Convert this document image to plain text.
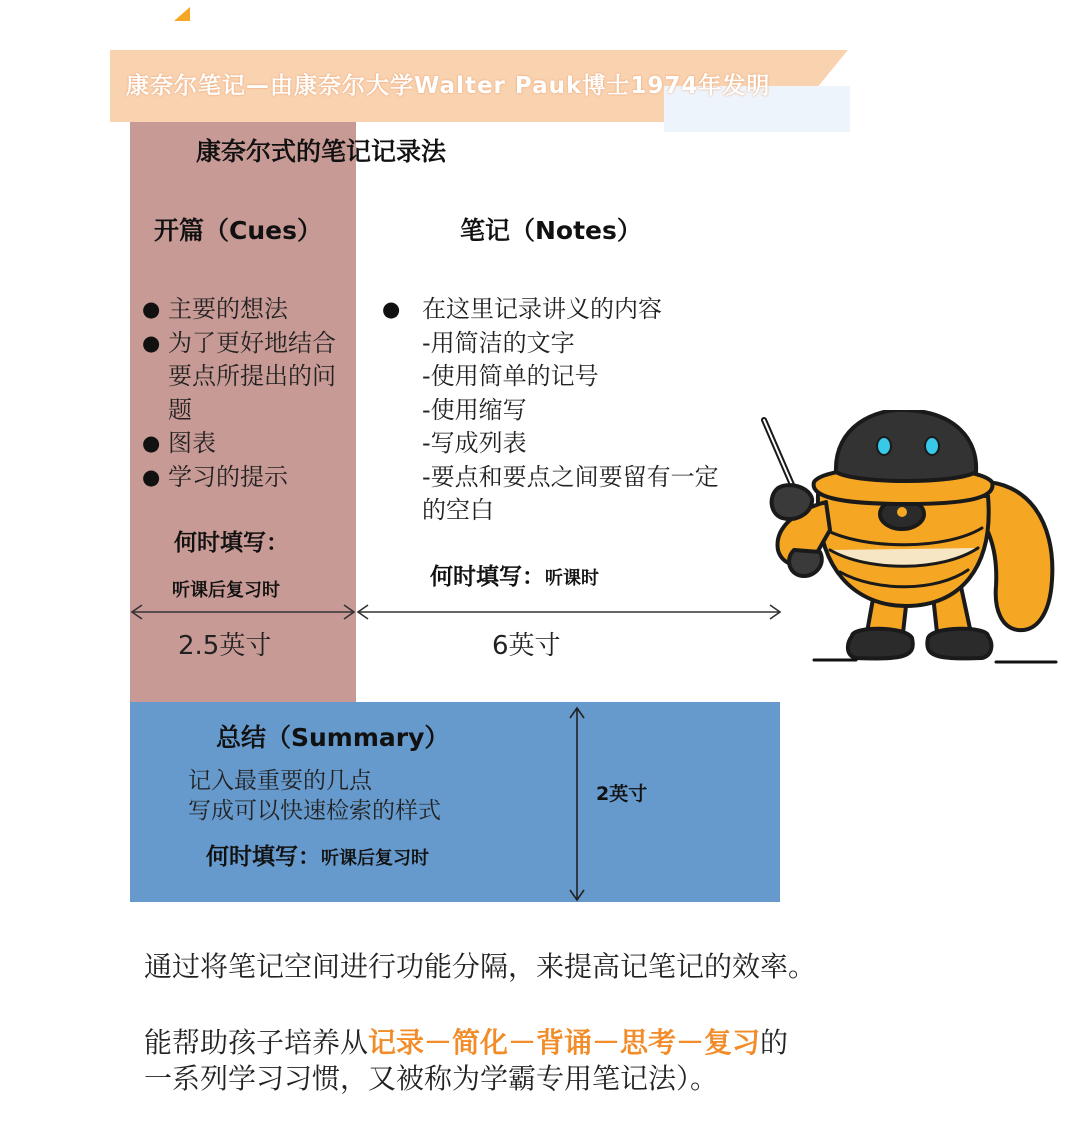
康奈尔笔记—由康奈尔大学Walter Pauk博士1974年发明
康奈尔式的笔记记录法
开篇（Cues）
● 主要的想法
● 为了更好地结合要点所提出的问题
● 图表
● 学习的提示
何时填写：
听课后复习时
笔记（Notes）
● 在这里记录讲义的内容
-用简洁的文字
-使用简单的记号
-使用缩写
-写成列表
-要点和要点之间要留有一定的空白
何时填写：听课时
2.5英寸	6英寸
总结（Summary）
记入最重要的几点
写成可以快速检索的样式
何时填写：听课后复习时
2英寸
通过将笔记空间进行功能分隔，来提高记笔记的效率。
能帮助孩子培养从记录－简化－背诵－思考－复习的
一系列学习习惯，又被称为学霸专用笔记法）。
